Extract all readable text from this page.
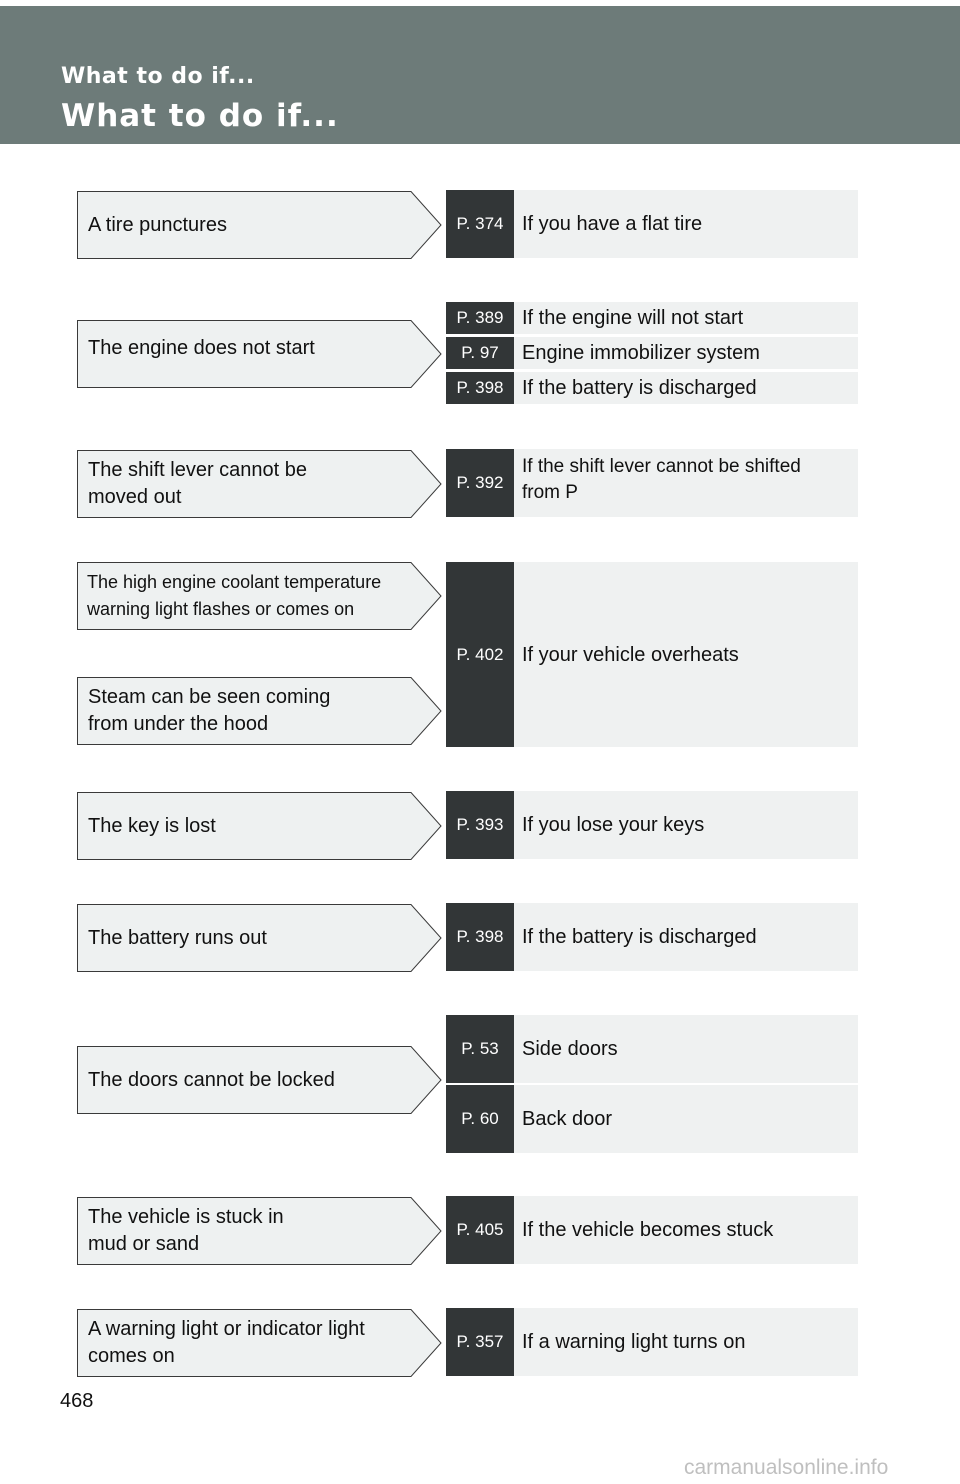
What to do if...
What to do if...
A tire punctures	P. 374 If you have a flat tire
The engine does not start
P. 389 If the engine will not start
P. 97	Engine immobilizer system
P. 398 If the battery is discharged
The shift lever cannot be
moved out
P. 392
If the shift lever cannot be shifted from P
The high engine coolant temperature
warning light flashes or comes on
Steam can be seen coming
from under the hood
P. 402 If your vehicle overheats
The key is lost	P. 393 If you lose your keys
The battery runs out	P. 398 If the battery is discharged
The doors cannot be locked
P. 53	Side doors
P. 60	Back door
The vehicle is stuck in
mud or sand
P. 405 If the vehicle becomes stuck
A warning light or indicator light
comes on
P. 357 If a warning light turns on
468
carmanualsonline.info
